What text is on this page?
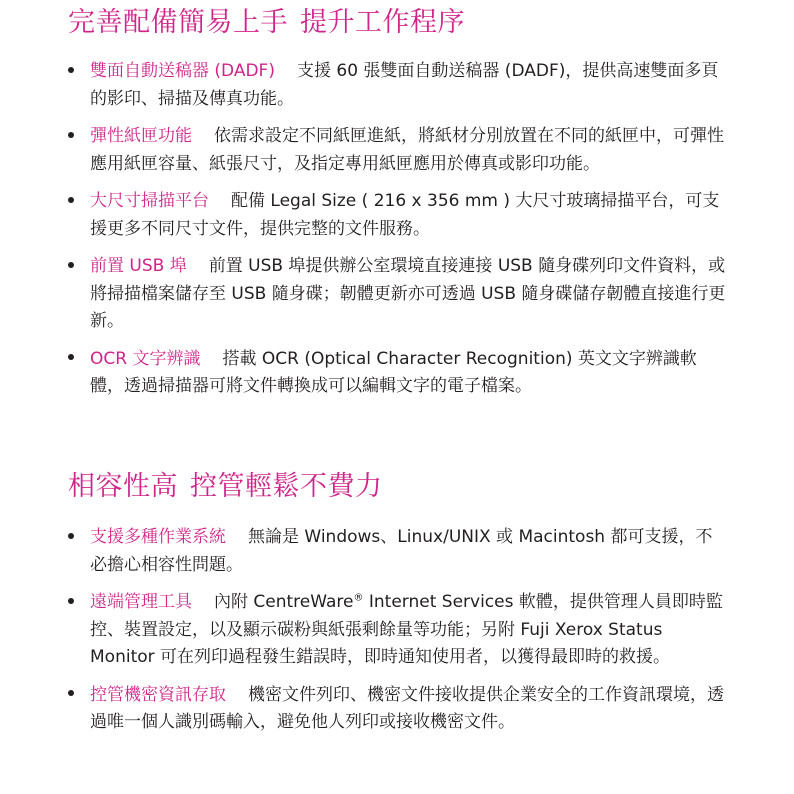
完善配備簡易上手 提升工作程序
雙面自動送稿器 (DADF) 支援 60 張雙面自動送稿器 (DADF)，提供高速雙面多頁的影印、掃描及傳真功能。
彈性紙匣功能 依需求設定不同紙匣進紙，將紙材分別放置在不同的紙匣中，可彈性應用紙匣容量、紙張尺寸，及指定專用紙匣應用於傳真或影印功能。
大尺寸掃描平台 配備 Legal Size ( 216 x 356 mm ) 大尺寸玻璃掃描平台，可支援更多不同尺寸文件，提供完整的文件服務。
前置 USB 埠 前置 USB 埠提供辦公室環境直接連接 USB 隨身碟列印文件資料，或將掃描檔案儲存至 USB 隨身碟；韌體更新亦可透過 USB 隨身碟儲存韌體直接進行更新。
OCR 文字辨識 搭載 OCR (Optical Character Recognition) 英文文字辨識軟體，透過掃描器可將文件轉換成可以編輯文字的電子檔案。
相容性高 控管輕鬆不費力
支援多種作業系統 無論是 Windows、Linux/UNIX 或 Macintosh 都可支援，不必擔心相容性問題。
遠端管理工具 內附 CentreWare® Internet Services 軟體，提供管理人員即時監控、裝置設定，以及顯示碳粉與紙張剩餘量等功能；另附 Fuji Xerox Status Monitor 可在列印過程發生錯誤時，即時通知使用者，以獲得最即時的救援。
控管機密資訊存取 機密文件列印、機密文件接收提供企業安全的工作資訊環境，透過唯一個人識別碼輸入，避免他人列印或接收機密文件。
